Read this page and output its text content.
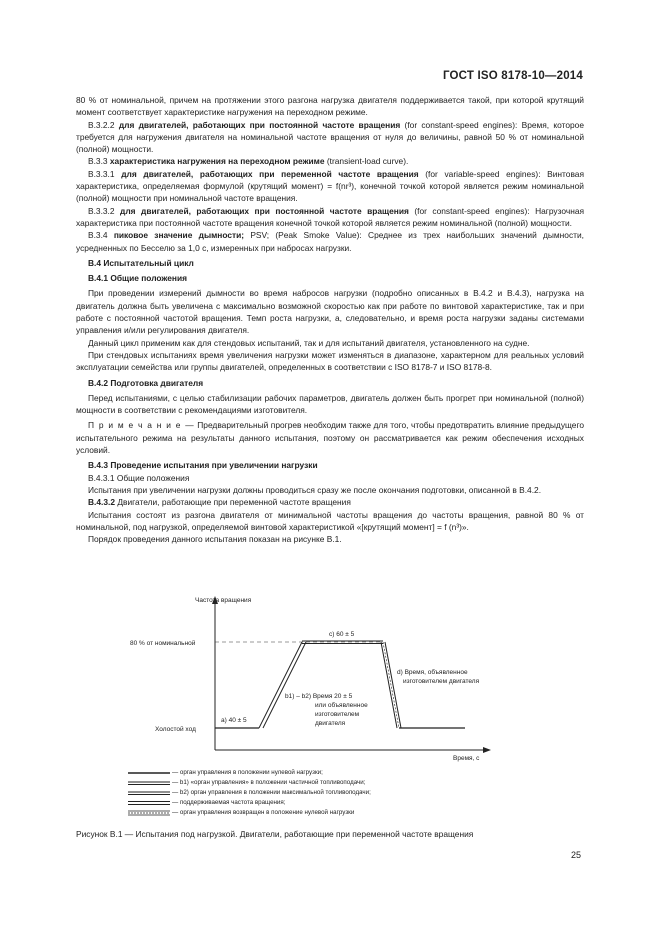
ГОСТ ISO 8178-10—2014

80 % от номинальной, причем на протяжении этого разгона нагрузка двигателя поддерживается такой, при которой крутящий момент соответствует характеристике нагружения на переходном режиме.

В.3.2.2 для двигателей, работающих при постоянной частоте вращения (for constant-speed engines): Время, которое требуется для нагружения двигателя на номинальной частоте вращения от нуля до величины, равной 50 % от номинальной (полной) мощности.

В.3.3 характеристика нагружения на переходном режиме (transient-load curve).

В.3.3.1 для двигателей, работающих при переменной частоте вращения (for variable-speed engines): Винтовая характеристика, определяемая формулой (крутящий момент) = f(nr³), конечной точкой которой является режим номинальной (полной) мощности при номинальной частоте вращения.

В.3.3.2 для двигателей, работающих при постоянной частоте вращения (for constant-speed engines): Нагрузочная характеристика при постоянной частоте вращения конечной точкой которой является режим номинальной (полной) мощности.

В.3.4 пиковое значение дымности; PSV; (Peak Smoke Value): Среднее из трех наибольших значений дымности, усредненных по Бесселю за 1,0 с, измеренных при набросах нагрузки.

В.4 Испытательный цикл

В.4.1 Общие положения

При проведении измерений дымности во время набросов нагрузки (подробно описанных в В.4.2 и В.4.3), нагрузка на двигатель должна быть увеличена с максимально возможной скоростью как при работе по винтовой характеристике, так и при работе с постоянной частотой вращения. Темп роста нагрузки, а, следовательно, и время роста нагрузки заданы системами управления и/или регулирования двигателя.

Данный цикл применим как для стендовых испытаний, так и для испытаний двигателя, установленного на судне.

При стендовых испытаниях время увеличения нагрузки может изменяться в диапазоне, характерном для реальных условий эксплуатации семейства или группы двигателей, определенных в соответствии с ISO 8178-7 и ISO 8178-8.

В.4.2 Подготовка двигателя

Перед испытаниями, с целью стабилизации рабочих параметров, двигатель должен быть прогрет при номинальной (полной) мощности в соответствии с рекомендациями изготовителя.

П р и м е ч а н и е — Предварительный прогрев необходим также для того, чтобы предотвратить влияние предыдущего испытательного режима на результаты данного испытания, поэтому он рассматривается как режим обеспечения исходных условий.

В.4.3 Проведение испытания при увеличении нагрузки

В.4.3.1 Общие положения

Испытания при увеличении нагрузки должны проводиться сразу же после окончания подготовки, описанной в В.4.2.

В.4.3.2 Двигатели, работающие при переменной частоте вращения

Испытания состоят из разгона двигателя от минимальной частоты вращения до частоты вращения, равной 80 % от номинальной, под нагрузкой, определяемой винтовой характеристикой «[крутящий момент] = f (n³)».

Порядок проведения данного испытания показан на рисунке В.1.

Частота вращения
80 % от номинальной
Холостой ход
Время, с
а) 40 ± 5
с) 60 ± 5
b1) – b2) Время 20 ± 5
или объявленное
изготовителем
двигателя
d) Время, объявленное
изготовителем двигателя
— орган управления в положении нулевой нагрузки;
— b1) «орган управления» в положении частичной топливоподачи;
— b2) орган управления в положении максимальной топливоподачи;
— поддерживаемая частота вращения;
— орган управления возвращен в положение нулевой нагрузки
Рисунок В.1 — Испытания под нагрузкой. Двигатели, работающие при переменной частоте вращения
25
